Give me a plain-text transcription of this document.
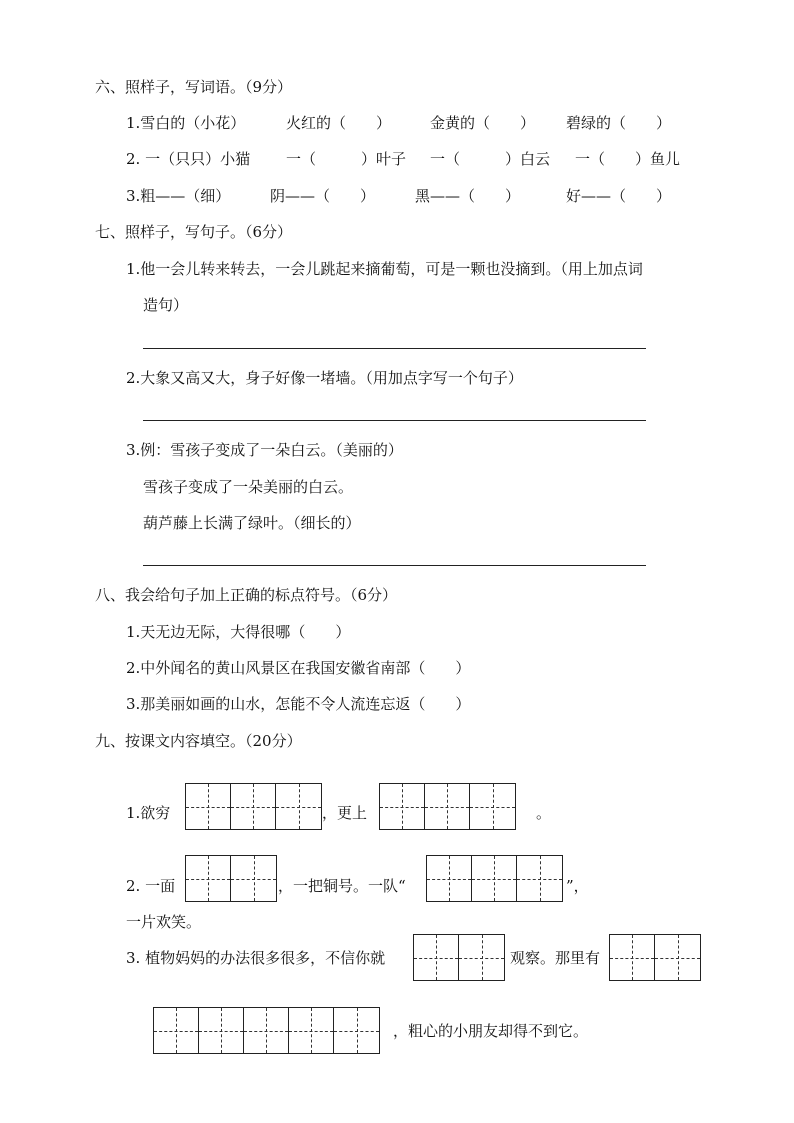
六、照样子，写词语。（9分）
1.雪白的（小花）	火红的（　　）	金黄的（　　） 碧绿的（　　）
2. 一（只只）小猫 一（　　　）叶子 一（　　　）白云 一（　　）鱼儿
3.粗——（细）	阴——（　　）	黑——（　　）	好——（　　）
七、照样子，写句子。（6分）
1.他一会儿转来转去，一会儿跳起来摘葡萄，可是一颗也没摘到。（用上加点词
造句）
2.大象又高又大，身子好像一堵墙。（用加点字写一个句子）
3.例：雪孩子变成了一朵白云。（美丽的）
雪孩子变成了一朵美丽的白云。
葫芦藤上长满了绿叶。（细长的）
八、我会给句子加上正确的标点符号。（6分）
1.天无边无际，大得很哪（　　）
2.中外闻名的黄山风景区在我国安徽省南部（　　）
3.那美丽如画的山水，怎能不令人流连忘返（　　）
九、按课文内容填空。（20分）
1.欲穷	，更上	。
2. 一面	，一把铜号。一队“	”，
一片欢笑。
3. 植物妈妈的办法很多很多，不信你就	观察。那里有
，粗心的小朋友却得不到它。
